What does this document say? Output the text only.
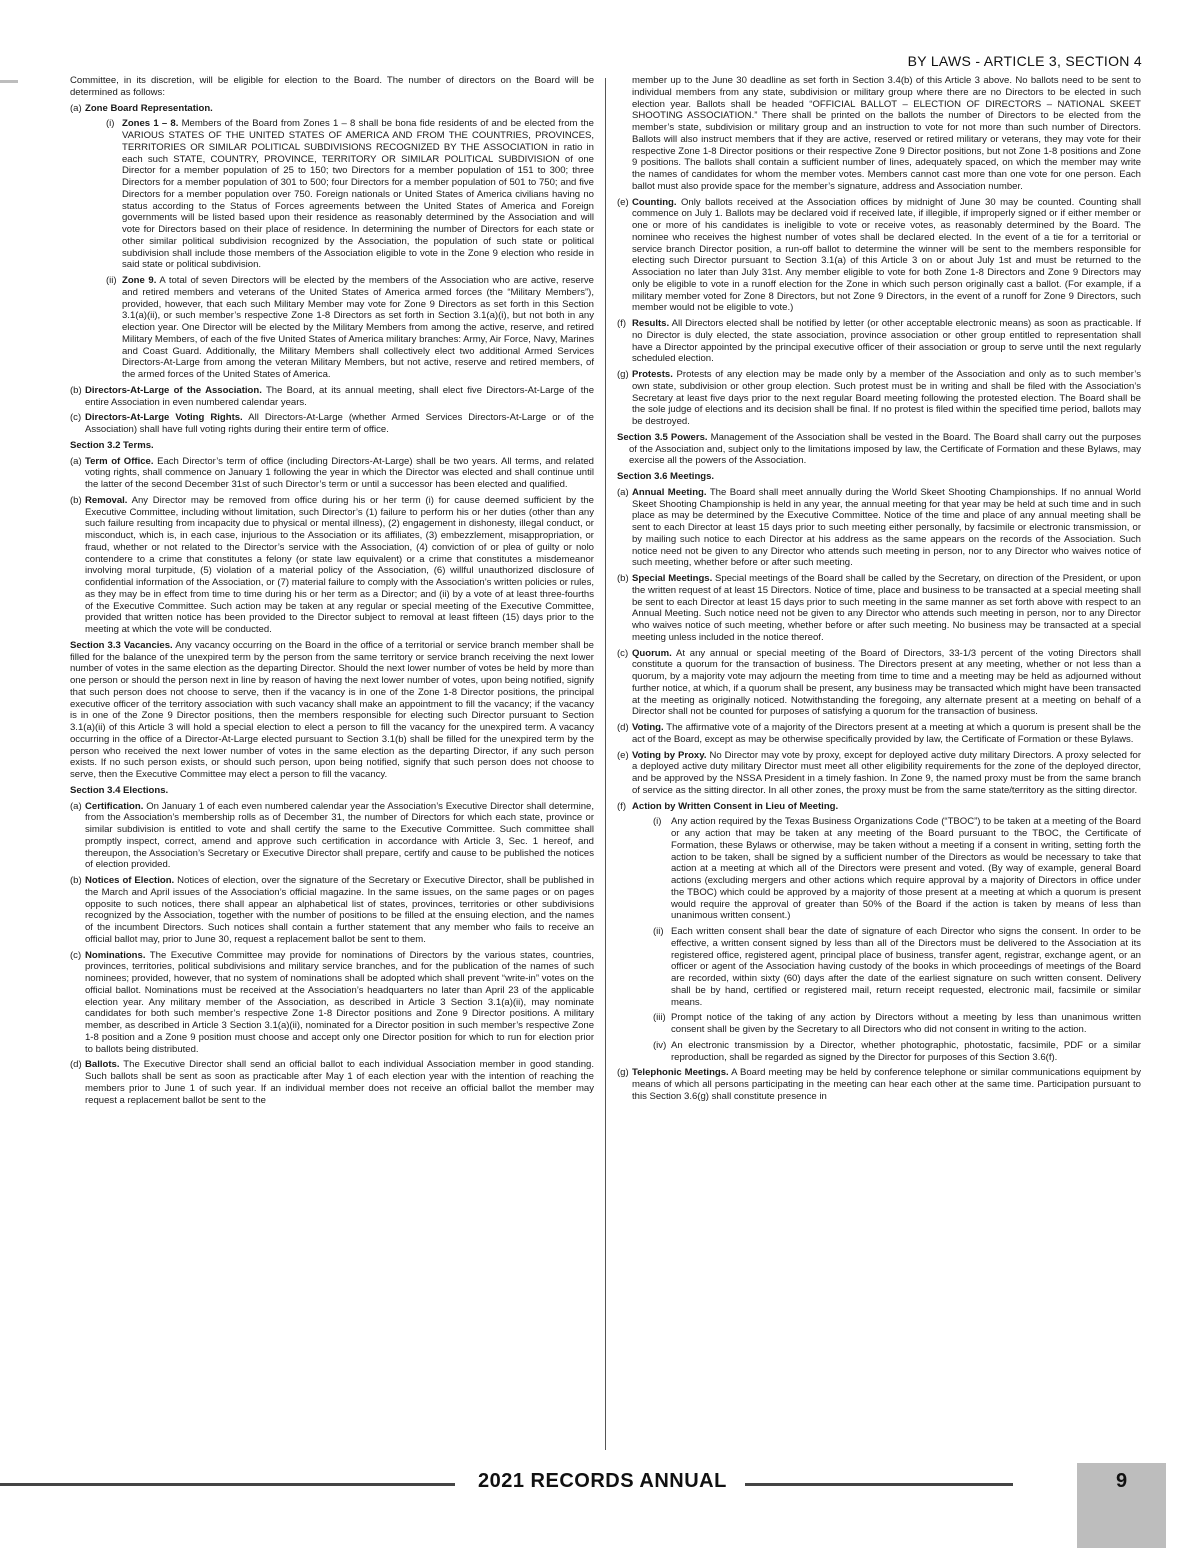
BY LAWS - ARTICLE 3, SECTION 4

Committee, in its discretion, will be eligible for election to the Board. The number of directors on the Board will be determined as follows:

(a) Zone Board Representation.
(i) Zones 1 – 8. Members of the Board from Zones 1 – 8 shall be bona fide residents of and be elected from the VARIOUS STATES OF THE UNITED STATES OF AMERICA AND FROM THE COUNTRIES, PROVINCES, TERRITORIES OR SIMILAR POLITICAL SUBDIVISIONS RECOGNIZED BY THE ASSOCIATION in ratio in each such STATE, COUNTRY, PROVINCE, TERRITORY OR SIMILAR POLITICAL SUBDIVISION of one Director for a member population of 25 to 150; two Directors for a member population of 151 to 300; three Directors for a member population of 301 to 500; four Directors for a member population of 501 to 750; and five Directors for a member population over 750. Foreign nationals or United States of America civilians having no status according to the Status of Forces agreements between the United States of America and Foreign governments will be listed based upon their residence as reasonably determined by the Association and will vote for Directors based on their place of residence. In determining the number of Directors for each state or other similar political subdivision recognized by the Association, the population of such state or political subdivision shall include those members of the Association eligible to vote in the Zone 9 election who reside in said state or political subdivision.
(ii) Zone 9. A total of seven Directors will be elected by the members of the Association who are active, reserve and retired members and veterans of the United States of America armed forces (the “Military Members”), provided, however, that each such Military Member may vote for Zone 9 Directors as set forth in this Section 3.1(a)(ii), or such member’s respective Zone 1-8 Directors as set forth in Section 3.1(a)(i), but not both in any election year. One Director will be elected by the Military Members from among the active, reserve, and retired Military Members, of each of the five United States of America military branches: Army, Air Force, Navy, Marines and Coast Guard. Additionally, the Military Members shall collectively elect two additional Armed Services Directors-At-Large from among the veteran Military Members, but not active, reserve and retired members, of the armed forces of the United States of America.
(b) Directors-At-Large of the Association. The Board, at its annual meeting, shall elect five Directors-At-Large of the entire Association in even numbered calendar years.
(c) Directors-At-Large Voting Rights. All Directors-At-Large (whether Armed Services Directors-At-Large or of the Association) shall have full voting rights during their entire term of office.
Section 3.2 Terms.
(a) Term of Office. Each Director’s term of office (including Directors-At-Large) shall be two years. All terms, and related voting rights, shall commence on January 1 following the year in which the Director was elected and shall continue until the latter of the second December 31st of such Director’s term or until a successor has been elected and qualified.
(b) Removal. Any Director may be removed from office during his or her term (i) for cause deemed sufficient by the Executive Committee, including without limitation, such Director’s (1) failure to perform his or her duties (other than any such failure resulting from incapacity due to physical or mental illness), (2) engagement in dishonesty, illegal conduct, or misconduct, which is, in each case, injurious to the Association or its affiliates, (3) embezzlement, misappropriation, or fraud, whether or not related to the Director’s service with the Association, (4) conviction of or plea of guilty or nolo contendere to a crime that constitutes a felony (or state law equivalent) or a crime that constitutes a misdemeanor involving moral turpitude, (5) violation of a material policy of the Association, (6) willful unauthorized disclosure of confidential information of the Association, or (7) material failure to comply with the Association’s written policies or rules, as they may be in effect from time to time during his or her term as a Director; and (ii) by a vote of at least three-fourths of the Executive Committee. Such action may be taken at any regular or special meeting of the Executive Committee, provided that written notice has been provided to the Director subject to removal at least fifteen (15) days prior to the meeting at which the vote will be conducted.

Section 3.3 Vacancies. Any vacancy occurring on the Board in the office of a territorial or service branch member shall be filled for the balance of the unexpired term by the person from the same territory or service branch receiving the next lower number of votes in the same election as the departing Director. Should the next lower number of votes be held by more than one person or should the person next in line by reason of having the next lower number of votes, upon being notified, signify that such person does not choose to serve, then if the vacancy is in one of the Zone 1-8 Director positions, the principal executive officer of the territory association with such vacancy shall make an appointment to fill the vacancy; if the vacancy is in one of the Zone 9 Director positions, then the members responsible for electing such Director pursuant to Section 3.1(a)(ii) of this Article 3 will hold a special election to elect a person to fill the vacancy for the unexpired term. A vacancy occurring in the office of a Director-At-Large elected pursuant to Section 3.1(b) shall be filled for the unexpired term by the person who received the next lower number of votes in the same election as the departing Director, if any such person exists. If no such person exists, or should such person, upon being notified, signify that such person does not choose to serve, then the Executive Committee may elect a person to fill the vacancy.

Section 3.4 Elections.
(a) Certification. On January 1 of each even numbered calendar year the Association’s Executive Director shall determine, from the Association’s membership rolls as of December 31, the number of Directors for which each state, province or similar subdivision is entitled to vote and shall certify the same to the Executive Committee. Such committee shall promptly inspect, correct, amend and approve such certification in accordance with Article 3, Sec. 1 hereof, and thereupon, the Association’s Secretary or Executive Director shall prepare, certify and cause to be published the notices of election provided.
(b) Notices of Election. Notices of election, over the signature of the Secretary or Executive Director, shall be published in the March and April issues of the Association’s official magazine. In the same issues, on the same pages or on pages opposite to such notices, there shall appear an alphabetical list of states, provinces, territories or other subdivisions recognized by the Association, together with the number of positions to be filled at the ensuing election, and the names of the incumbent Directors. Such notices shall contain a further statement that any member who fails to receive an official ballot may, prior to June 30, request a replacement ballot be sent to them.
(c) Nominations. The Executive Committee may provide for nominations of Directors by the various states, countries, provinces, territories, political subdivisions and military service branches, and for the publication of the names of such nominees; provided, however, that no system of nominations shall be adopted which shall prevent “write-in” votes on the official ballot. Nominations must be received at the Association’s headquarters no later than April 23 of the applicable election year. Any military member of the Association, as described in Article 3 Section 3.1(a)(ii), may nominate candidates for both such member’s respective Zone 1-8 Director positions and Zone 9 Director positions. A military member, as described in Article 3 Section 3.1(a)(ii), nominated for a Director position in such member’s respective Zone 1-8 position and a Zone 9 position must choose and accept only one Director position for which to run for election prior to ballots being distributed.
(d) Ballots. The Executive Director shall send an official ballot to each individual Association member in good standing. Such ballots shall be sent as soon as practicable after May 1 of each election year with the intention of reaching the members prior to June 1 of such year. If an individual member does not receive an official ballot the member may request a replacement ballot be sent to the
member up to the June 30 deadline as set forth in Section 3.4(b) of this Article 3 above. No ballots need to be sent to individual members from any state, subdivision or military group where there are no Directors to be elected in such election year. Ballots shall be headed “OFFICIAL BALLOT – ELECTION OF DIRECTORS – NATIONAL SKEET SHOOTING ASSOCIATION.” There shall be printed on the ballots the number of Directors to be elected from the member’s state, subdivision or military group and an instruction to vote for not more than such number of Directors. Ballots will also instruct members that if they are active, reserved or retired military or veterans, they may vote for their respective Zone 1-8 Director positions or their respective Zone 9 Director positions, but not Zone 1-8 positions and Zone 9 positions. The ballots shall contain a sufficient number of lines, adequately spaced, on which the member may write the names of candidates for whom the member votes. Members cannot cast more than one vote for one person. Each ballot must also provide space for the member’s signature, address and Association number.
(e) Counting. Only ballots received at the Association offices by midnight of June 30 may be counted. Counting shall commence on July 1. Ballots may be declared void if received late, if illegible, if improperly signed or if either member or one or more of his candidates is ineligible to vote or receive votes, as reasonably determined by the Board. The nominee who receives the highest number of votes shall be declared elected. In the event of a tie for a territorial or service branch Director position, a run-off ballot to determine the winner will be sent to the members responsible for electing such Director pursuant to Section 3.1(a) of this Article 3 on or about July 1st and must be returned to the Association no later than July 31st. Any member eligible to vote for both Zone 1-8 Directors and Zone 9 Directors may only be eligible to vote in a runoff election for the Zone in which such person originally cast a ballot. (For example, if a military member voted for Zone 8 Directors, but not Zone 9 Directors, in the event of a runoff for Zone 9 Directors, such member would not be eligible to vote.)
(f) Results. All Directors elected shall be notified by letter (or other acceptable electronic means) as soon as practicable. If no Director is duly elected, the state association, province association or other group entitled to representation shall have a Director appointed by the principal executive officer of their association or group to serve until the next regularly scheduled election.
(g) Protests. Protests of any election may be made only by a member of the Association and only as to such member’s own state, subdivision or other group election. Such protest must be in writing and shall be filed with the Association’s Secretary at least five days prior to the next regular Board meeting following the protested election. The Board shall be the sole judge of elections and its decision shall be final. If no protest is filed within the specified time period, ballots may be destroyed.

Section 3.5 Powers. Management of the Association shall be vested in the Board. The Board shall carry out the purposes of the Association and, subject only to the limitations imposed by law, the Certificate of Formation and these Bylaws, may exercise all the powers of the Association.

Section 3.6 Meetings.
(a) Annual Meeting. The Board shall meet annually during the World Skeet Shooting Championships. If no annual World Skeet Shooting Championship is held in any year, the annual meeting for that year may be held at such time and in such place as may be determined by the Executive Committee. Notice of the time and place of any annual meeting shall be sent to each Director at least 15 days prior to such meeting either personally, by facsimile or electronic transmission, or by mailing such notice to each Director at his address as the same appears on the records of the Association. Such notice need not be given to any Director who attends such meeting in person, nor to any Director who waives notice of such meeting, whether before or after such meeting.
(b) Special Meetings. Special meetings of the Board shall be called by the Secretary, on direction of the President, or upon the written request of at least 15 Directors. Notice of time, place and business to be transacted at a special meeting shall be sent to each Director at least 15 days prior to such meeting in the same manner as set forth above with respect to an Annual Meeting. Such notice need not be given to any Director who attends such meeting in person, nor to any Director who waives notice of such meeting, whether before or after such meeting. No business may be transacted at a special meeting unless included in the notice thereof.
(c) Quorum. At any annual or special meeting of the Board of Directors, 33-1/3 percent of the voting Directors shall constitute a quorum for the transaction of business. The Directors present at any meeting, whether or not less than a quorum, by a majority vote may adjourn the meeting from time to time and a meeting may be held as adjourned without further notice, at which, if a quorum shall be present, any business may be transacted which might have been transacted at the meeting as originally noticed. Notwithstanding the foregoing, any alternate present at a meeting on behalf of a Director shall not be counted for purposes of satisfying a quorum for the transaction of business.
(d) Voting. The affirmative vote of a majority of the Directors present at a meeting at which a quorum is present shall be the act of the Board, except as may be otherwise specifically provided by law, the Certificate of Formation or these Bylaws.
(e) Voting by Proxy. No Director may vote by proxy, except for deployed active duty military Directors. A proxy selected for a deployed active duty military Director must meet all other eligibility requirements for the zone of the deployed director, and be approved by the NSSA President in a timely fashion. In Zone 9, the named proxy must be from the same branch of service as the sitting director. In all other zones, the proxy must be from the same state/territory as the sitting director.
(f) Action by Written Consent in Lieu of Meeting.
(i) Any action required by the Texas Business Organizations Code (“TBOC”) to be taken at a meeting of the Board or any action that may be taken at any meeting of the Board pursuant to the TBOC, the Certificate of Formation, these Bylaws or otherwise, may be taken without a meeting if a consent in writing, setting forth the action to be taken, shall be signed by a sufficient number of the Directors as would be necessary to take that action at a meeting at which all of the Directors were present and voted. (By way of example, general Board actions (excluding mergers and other actions which require approval by a majority of Directors in office under the TBOC) which could be approved by a majority of those present at a meeting at which a quorum is present would require the approval of greater than 50% of the Board if the action is taken by means of less than unanimous written consent.)
(ii) Each written consent shall bear the date of signature of each Director who signs the consent. In order to be effective, a written consent signed by less than all of the Directors must be delivered to the Association at its registered office, registered agent, principal place of business, transfer agent, registrar, exchange agent, or an officer or agent of the Association having custody of the books in which proceedings of meetings of the Board are recorded, within sixty (60) days after the date of the earliest signature on such written consent. Delivery shall be by hand, certified or registered mail, return receipt requested, electronic mail, facsimile or similar means.
(iii) Prompt notice of the taking of any action by Directors without a meeting by less than unanimous written consent shall be given by the Secretary to all Directors who did not consent in writing to the action.
(iv) An electronic transmission by a Director, whether photographic, photostatic, facsimile, PDF or a similar reproduction, shall be regarded as signed by the Director for purposes of this Section 3.6(f).
(g) Telephonic Meetings. A Board meeting may be held by conference telephone or similar communications equipment by means of which all persons participating in the meeting can hear each other at the same time. Participation pursuant to this Section 3.6(g) shall constitute presence in
2021 RECORDS ANNUAL	9
